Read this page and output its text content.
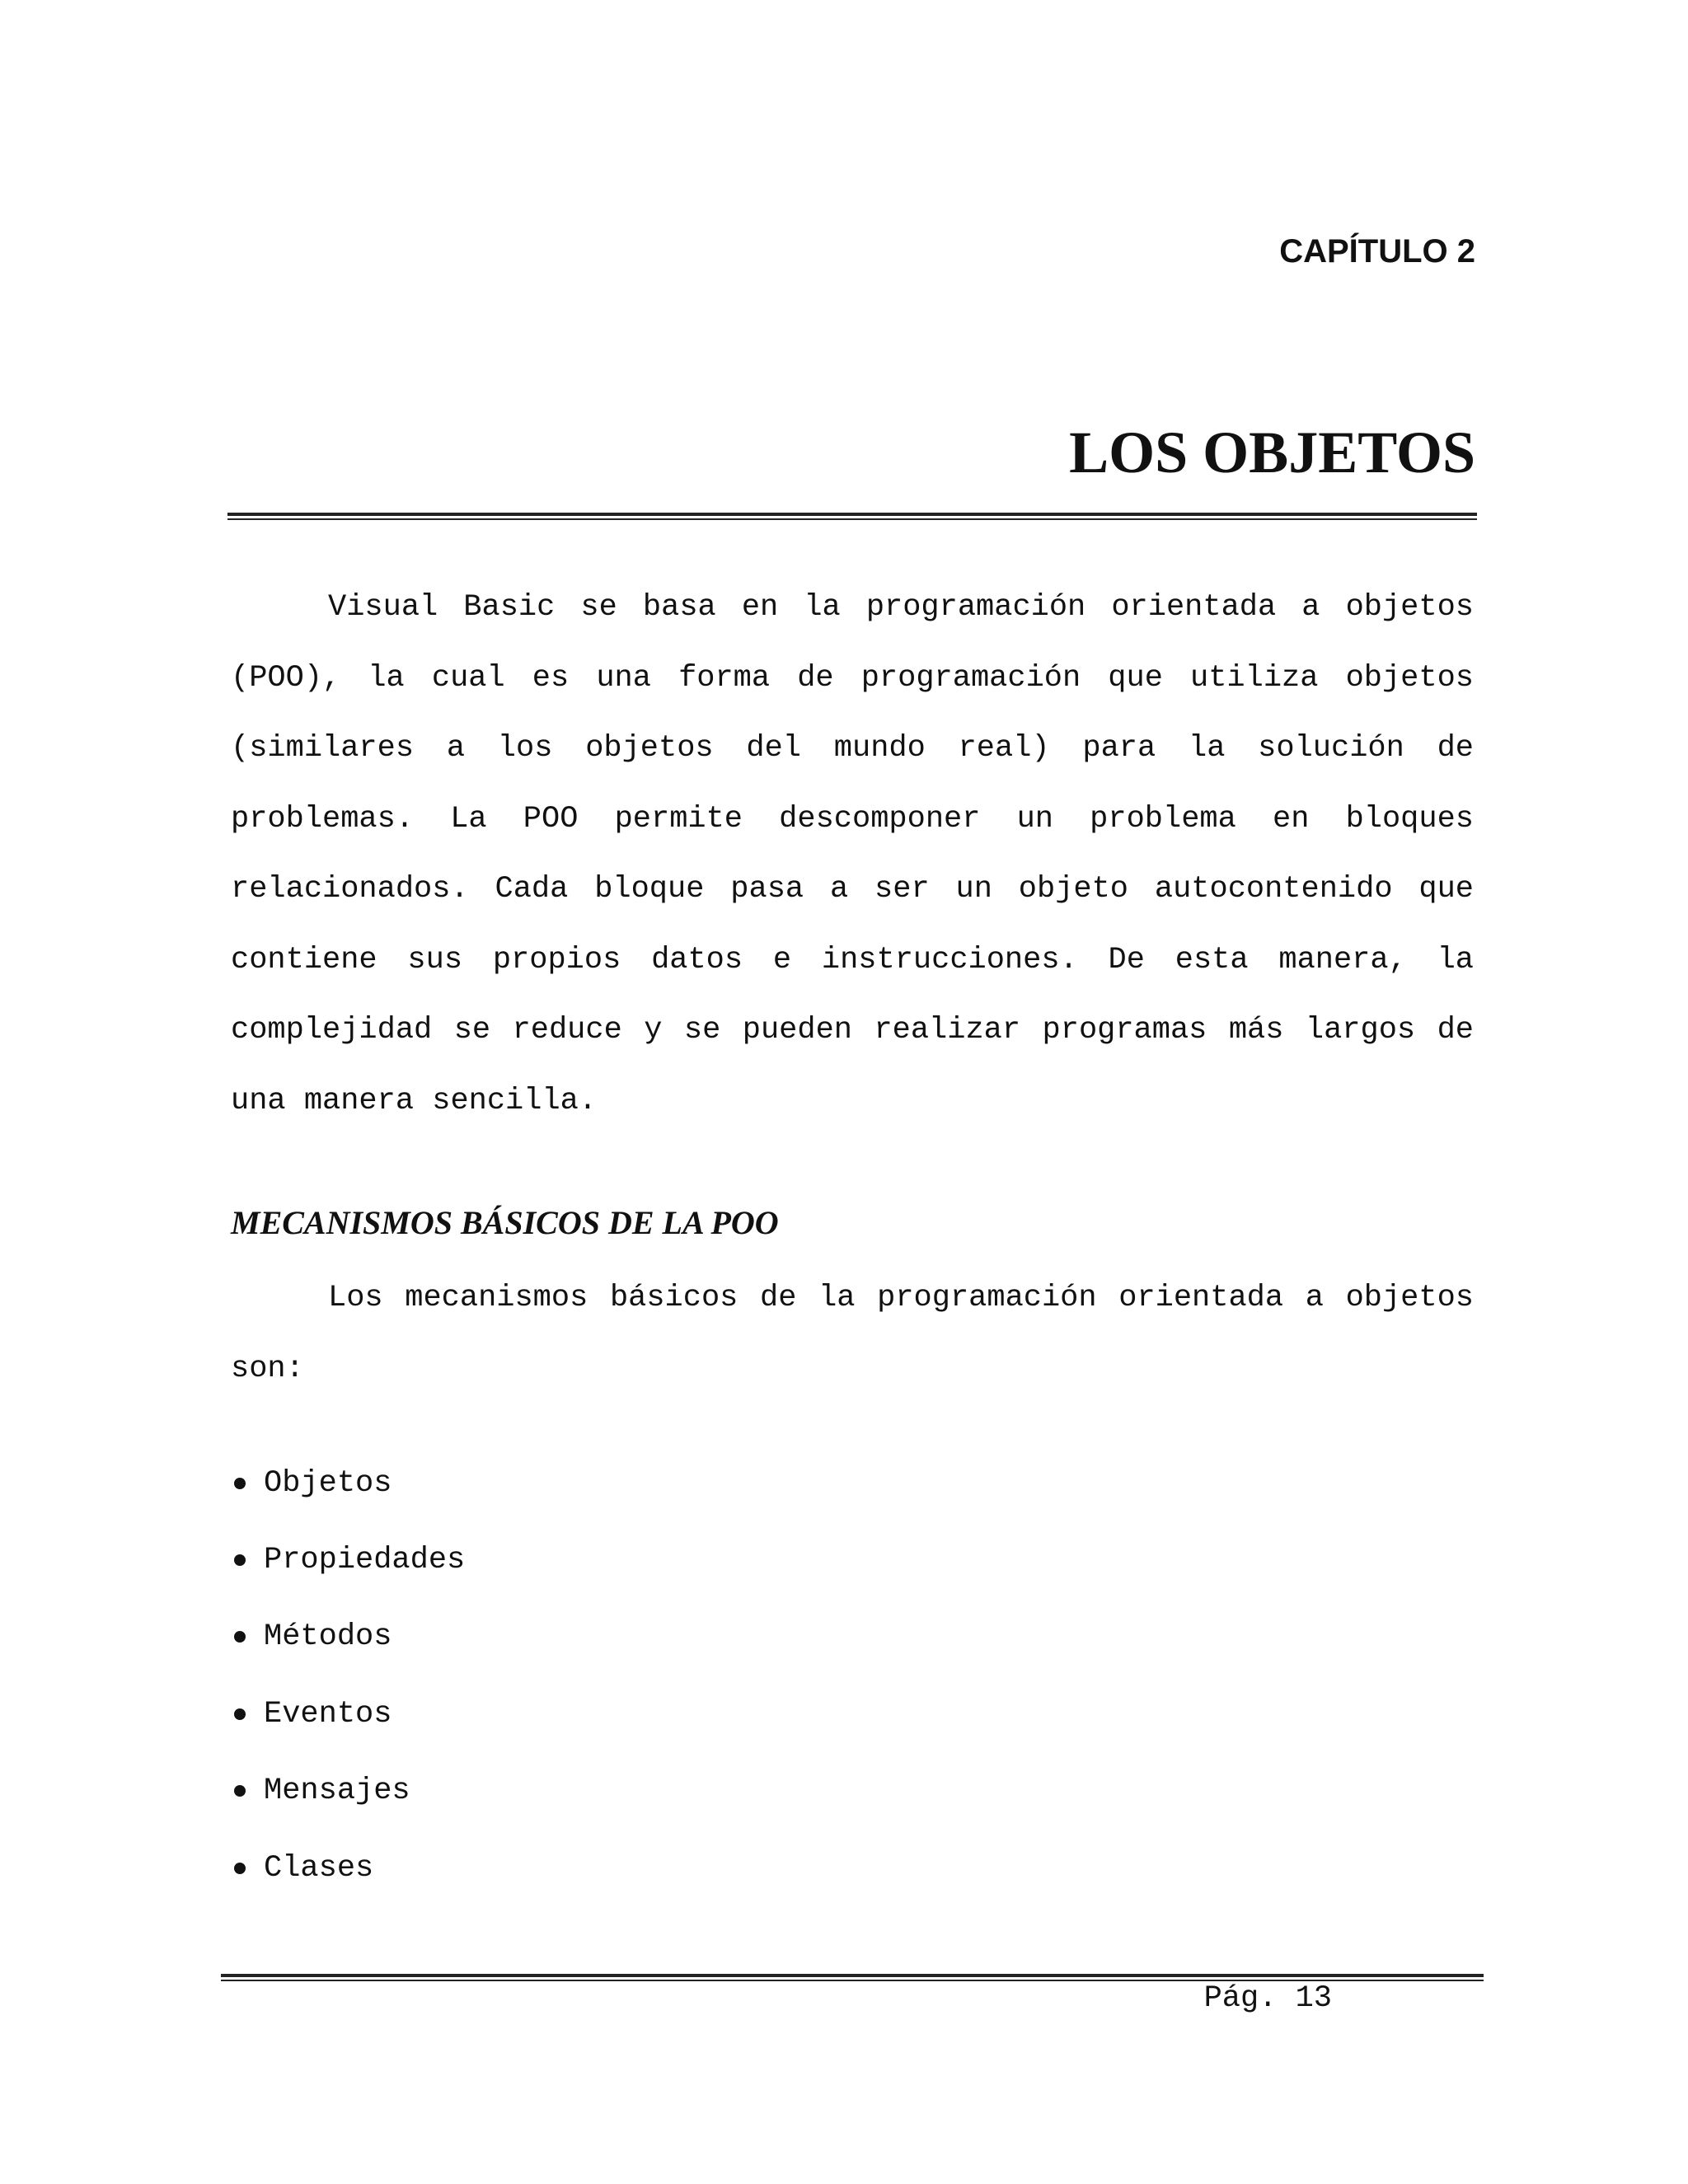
CAPÍTULO 2
LOS OBJETOS

Visual Basic se basa en la programación orientada a objetos (POO), la cual es una forma de programación que utiliza objetos (similares a los objetos del mundo real) para la solución de problemas. La POO permite descomponer un problema en bloques relacionados. Cada bloque pasa a ser un objeto autocontenido que contiene sus propios datos e instrucciones. De esta manera, la complejidad se reduce y se pueden realizar programas más largos de una manera sencilla.

MECANISMOS BÁSICOS DE LA POO

Los mecanismos básicos de la programación orientada a objetos son:

Objetos
Propiedades
Métodos
Eventos
Mensajes
Clases
Pág. 13
